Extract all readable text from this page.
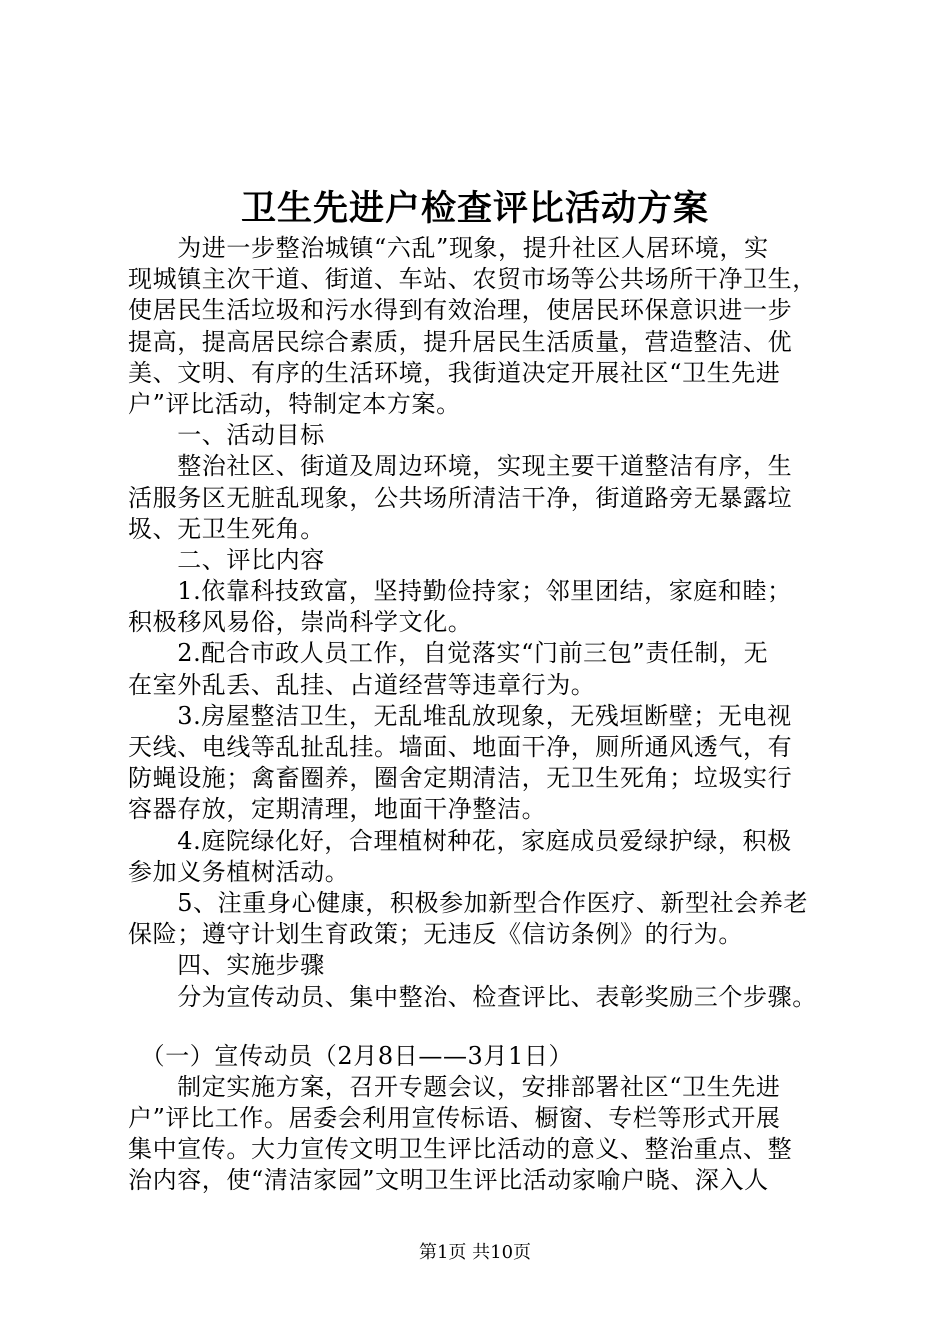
卫生先进户检查评比活动方案
　　为进一步整治城镇“六乱”现象，提升社区人居环境，实
现城镇主次干道、街道、车站、农贸市场等公共场所干净卫生，
使居民生活垃圾和污水得到有效治理，使居民环保意识进一步
提高，提高居民综合素质，提升居民生活质量，营造整洁、优
美、文明、有序的生活环境，我街道决定开展社区“卫生先进
户”评比活动，特制定本方案。
　　一、活动目标
　　整治社区、街道及周边环境，实现主要干道整洁有序，生
活服务区无脏乱现象，公共场所清洁干净，街道路旁无暴露垃
圾、无卫生死角。
　　二、评比内容
　　1.依靠科技致富，坚持勤俭持家；邻里团结，家庭和睦；
积极移风易俗，崇尚科学文化。
　　2.配合市政人员工作，自觉落实“门前三包”责任制，无
在室外乱丢、乱挂、占道经营等违章行为。
　　3.房屋整洁卫生，无乱堆乱放现象，无残垣断壁；无电视
天线、电线等乱扯乱挂。墙面、地面干净，厕所通风透气，有
防蝇设施；禽畜圈养，圈舍定期清洁，无卫生死角；垃圾实行
容器存放，定期清理，地面干净整洁。
　　4.庭院绿化好，合理植树种花，家庭成员爱绿护绿，积极
参加义务植树活动。
　　5、注重身心健康，积极参加新型合作医疗、新型社会养老
保险；遵守计划生育政策；无违反《信访条例》的行为。
　　四、实施步骤
　　分为宣传动员、集中整治、检查评比、表彰奖励三个步骤。
　（一）宣传动员（2月8日——3月1日）
　　制定实施方案，召开专题会议，安排部署社区“卫生先进
户”评比工作。居委会利用宣传标语、橱窗、专栏等形式开展
集中宣传。大力宣传文明卫生评比活动的意义、整治重点、整
治内容，使“清洁家园”文明卫生评比活动家喻户晓、深入人
第1页 共10页
